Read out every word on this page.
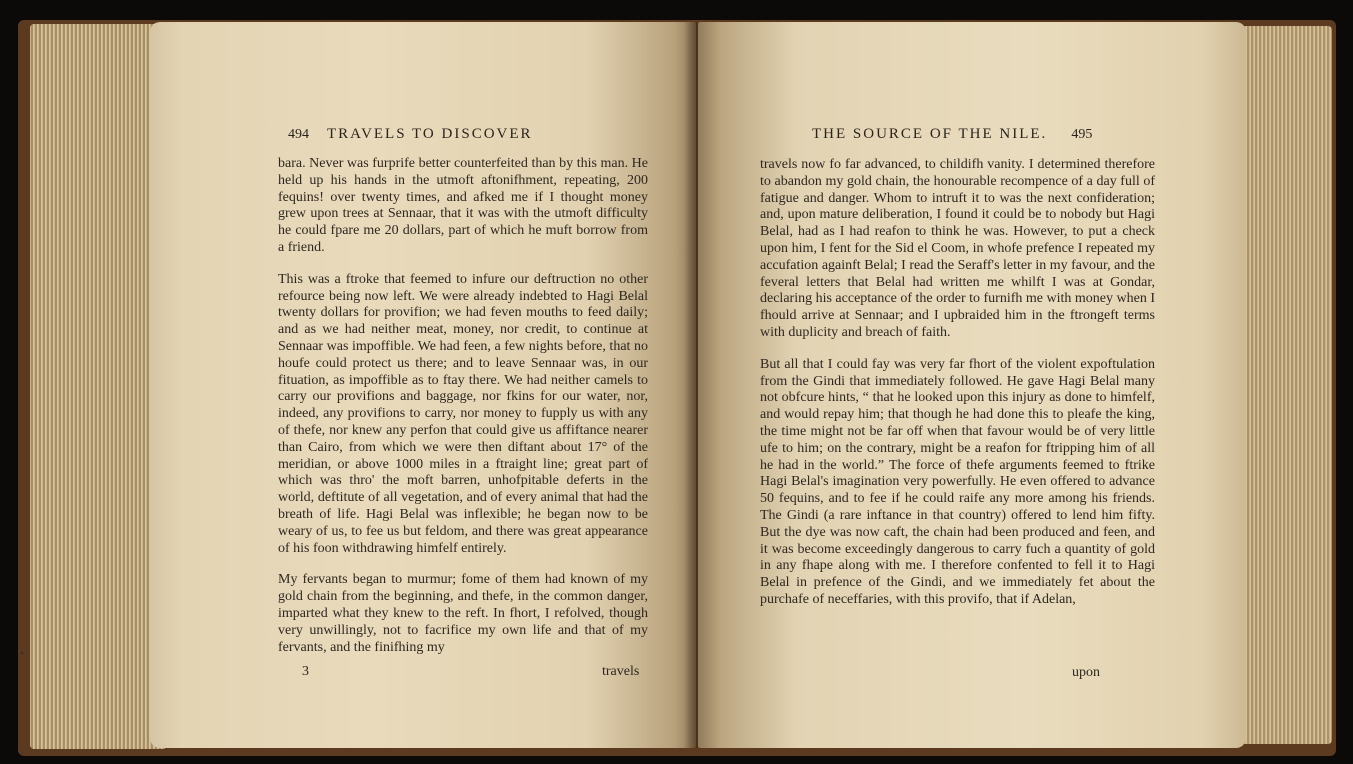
494 TRAVELS TO DISCOVER

bara. Never was furprife better counterfeited than by this man. He held up his hands in the utmoft aftonifhment, repeating, 200 fequins! over twenty times, and afked me if I thought money grew upon trees at Sennaar, that it was with the utmoft difficulty he could fpare me 20 dollars, part of which he muft borrow from a friend.

This was a ftroke that feemed to infure our deftruction no other refource being now left. We were already indebted to Hagi Belal twenty dollars for provifion; we had feven mouths to feed daily; and as we had neither meat, money, nor credit, to continue at Sennaar was impoffible. We had feen, a few nights before, that no houfe could protect us there; and to leave Sennaar was, in our fituation, as impoffible as to ftay there. We had neither camels to carry our provifions and baggage, nor fkins for our water, nor, indeed, any provifions to carry, nor money to fupply us with any of thefe, nor knew any perfon that could give us affiftance nearer than Cairo, from which we were then diftant about 17° of the meridian, or above 1000 miles in a ftraight line; great part of which was thro' the moft barren, unhofpitable deferts in the world, deftitute of all vegetation, and of every animal that had the breath of life. Hagi Belal was inflexible; he began now to be weary of us, to fee us but feldom, and there was great appearance of his foon withdrawing himfelf entirely.

My fervants began to murmur; fome of them had known of my gold chain from the beginning, and thefe, in the common danger, imparted what they knew to the reft. In fhort, I refolved, though very unwillingly, not to facrifice my own life and that of my fervants, and the finifhing my

3	travels
THE SOURCE OF THE NILE. 495

travels now fo far advanced, to childifh vanity. I determined therefore to abandon my gold chain, the honourable recompence of a day full of fatigue and danger. Whom to intruft it to was the next confideration; and, upon mature deliberation, I found it could be to nobody but Hagi Belal, had as I had reafon to think he was. However, to put a check upon him, I fent for the Sid el Coom, in whofe prefence I repeated my accufation againft Belal; I read the Seraff's letter in my favour, and the feveral letters that Belal had written me whilft I was at Gondar, declaring his acceptance of the order to furnifh me with money when I fhould arrive at Sennaar; and I upbraided him in the ftrongeft terms with duplicity and breach of faith.

But all that I could fay was very far fhort of the violent expoftulation from the Gindi that immediately followed. He gave Hagi Belal many not obfcure hints, “ that he looked upon this injury as done to himfelf, and would repay him; that though he had done this to pleafe the king, the time might not be far off when that favour would be of very little ufe to him; on the contrary, might be a reafon for ftripping him of all he had in the world.” The force of thefe arguments feemed to ftrike Hagi Belal's imagination very powerfully. He even offered to advance 50 fequins, and to fee if he could raife any more among his friends. The Gindi (a rare inftance in that country) offered to lend him fifty. But the dye was now caft, the chain had been produced and feen, and it was become exceedingly dangerous to carry fuch a quantity of gold in any fhape along with me. I therefore confented to fell it to Hagi Belal in prefence of the Gindi, and we immediately fet about the purchafe of neceffaries, with this provifo, that if Adelan,

upon
•
